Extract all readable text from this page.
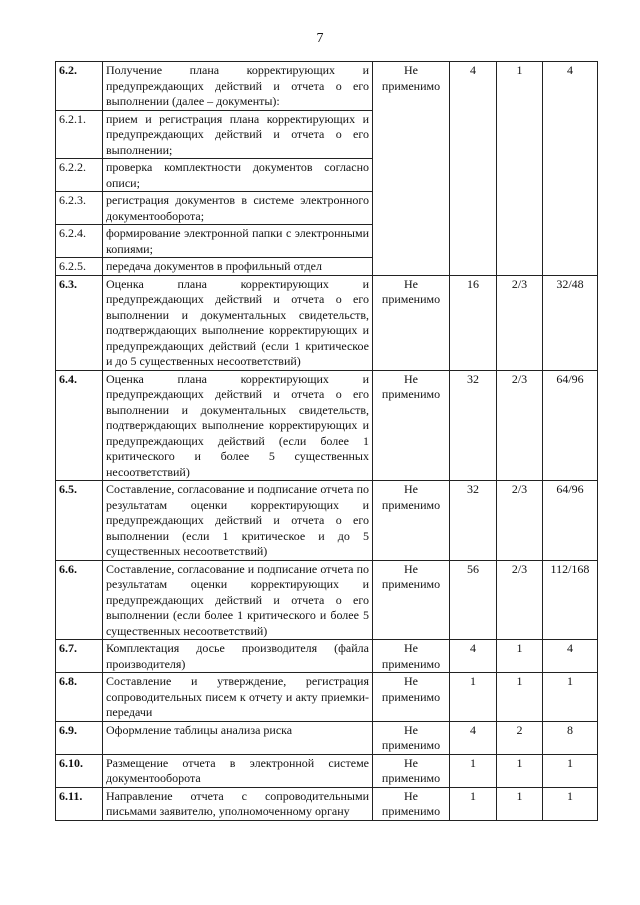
7
6.2.	Получение плана корректирующих и предупреждающих действий и отчета о его выполнении (далее – документы):	Не применимо	4	1	4
6.2.1.	прием и регистрация плана корректирующих и предупреждающих действий и отчета о его выполнении;				
6.2.2.	проверка комплектности документов согласно описи;				
6.2.3.	регистрация документов в системе электронного документооборота;				
6.2.4.	формирование электронной папки с электронными копиями;				
6.2.5.	передача документов в профильный отдел				
6.3.	Оценка плана корректирующих и предупреждающих действий и отчета о его выполнении и документальных свидетельств, подтверждающих выполнение корректирующих и предупреждающих действий (если 1 критическое и до 5 существенных несоответствий)	Не применимо	16	2/3	32/48
6.4.	Оценка плана корректирующих и предупреждающих действий и отчета о его выполнении и документальных свидетельств, подтверждающих выполнение корректирующих и предупреждающих действий (если более 1 критического и более 5 существенных несоответствий)	Не применимо	32	2/3	64/96
6.5.	Составление, согласование и подписание отчета по результатам оценки корректирующих и предупреждающих действий и отчета о его выполнении (если 1 критическое и до 5 существенных несоответствий)	Не применимо	32	2/3	64/96
6.6.	Составление, согласование и подписание отчета по результатам оценки корректирующих и предупреждающих действий и отчета о его выполнении (если более 1 критического и более 5 существенных несоответствий)	Не применимо	56	2/3	112/168
6.7.	Комплектация досье производителя (файла производителя)	Не применимо	4	1	4
6.8.	Составление и утверждение, регистрация сопроводительных писем к отчету и акту приемки-передачи	Не применимо	1	1	1
6.9.	Оформление таблицы анализа риска	Не применимо	4	2	8
6.10.	Размещение отчета в электронной системе документооборота	Не применимо	1	1	1
6.11.	Направление отчета с сопроводительными письмами заявителю, уполномоченному органу	Не применимо	1	1	1
